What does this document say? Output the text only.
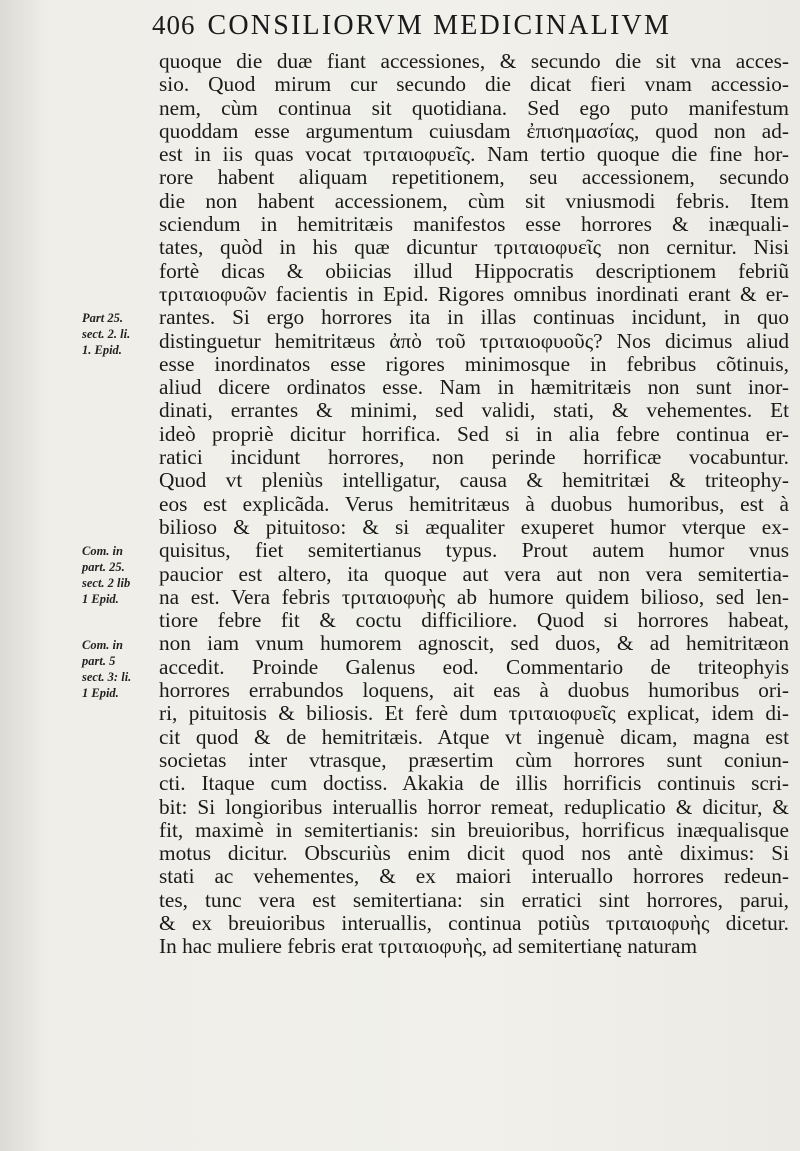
406 CONSILIORVM MEDICINALIVM
quoque die duæ fiant accessiones, & secundo die sit vna acces-
sio. Quod mirum cur secundo die dicat fieri vnam accessio-
nem, cùm continua sit quotidiana. Sed ego puto manifestum
quoddam esse argumentum cuiusdam ἐπισημασίας, quod non ad-
est in iis quas vocat τριταιοφυεῖς. Nam tertio quoque die fine hor-
rore habent aliquam repetitionem, seu accessionem, secundo
die non habent accessionem, cùm sit vniusmodi febris. Item
sciendum in hemitritæis manifestos esse horrores & inæquali-
tates, quòd in his quæ dicuntur τριταιοφυεῖς non cernitur. Nisi
fortè dicas & obiicias illud Hippocratis descriptionem febriũ
τριταιοφυῶν facientis in Epid. Rigores omnibus inordinati erant & er-
rantes. Si ergo horrores ita in illas continuas incidunt, in quo
distinguetur hemitritæus ἀπὸ τοῦ τριταιοφυοῦς? Nos dicimus aliud
esse inordinatos esse rigores minimosque in febribus cõtinuis,
aliud dicere ordinatos esse. Nam in hæmitritæis non sunt inor-
dinati, errantes & minimi, sed validi, stati, & vehementes. Et
ideò propriè dicitur horrifica. Sed si in alia febre continua er-
ratici incidunt horrores, non perinde horrificæ vocabuntur.
Quod vt pleniùs intelligatur, causa & hemitritæi & triteophy-
eos est explicãda. Verus hemitritæus à duobus humoribus, est à
bilioso & pituitoso: & si æqualiter exuperet humor vterque ex-
quisitus, fiet semitertianus typus. Prout autem humor vnus
paucior est altero, ita quoque aut vera aut non vera semitertia-
na est. Vera febris τριταιοφυὴς ab humore quidem bilioso, sed len-
tiore febre fit & coctu difficiliore. Quod si horrores habeat,
non iam vnum humorem agnoscit, sed duos, & ad hemitritæon
accedit. Proinde Galenus eod. Commentario de triteophyis
horrores errabundos loquens, ait eas à duobus humoribus ori-
ri, pituitosis & biliosis. Et ferè dum τριταιοφυεῖς explicat, idem di-
cit quod & de hemitritæis. Atque vt ingenuè dicam, magna est
societas inter vtrasque, præsertim cùm horrores sunt coniun-
cti. Itaque cum doctiss. Akakia de illis horrificis continuis scri-
bit: Si longioribus interuallis horror remeat, reduplicatio & dicitur, &
fit, maximè in semitertianis: sin breuioribus, horrificus inæqualisque
motus dicitur. Obscuriùs enim dicit quod nos antè diximus: Si
stati ac vehementes, & ex maiori interuallo horrores redeun-
tes, tunc vera est semitertiana: sin erratici sint horrores, parui,
& ex breuioribus interuallis, continua potiùs τριταιοφυὴς dicetur.
In hac muliere febris erat τριταιοφυὴς, ad semitertianę naturam
Part 25.
sect. 2. li.
1. Epid.
Com. in
part. 25.
sect. 2 lib
1 Epid.
Com. in
part. 5
sect. 3: li.
1 Epid.
